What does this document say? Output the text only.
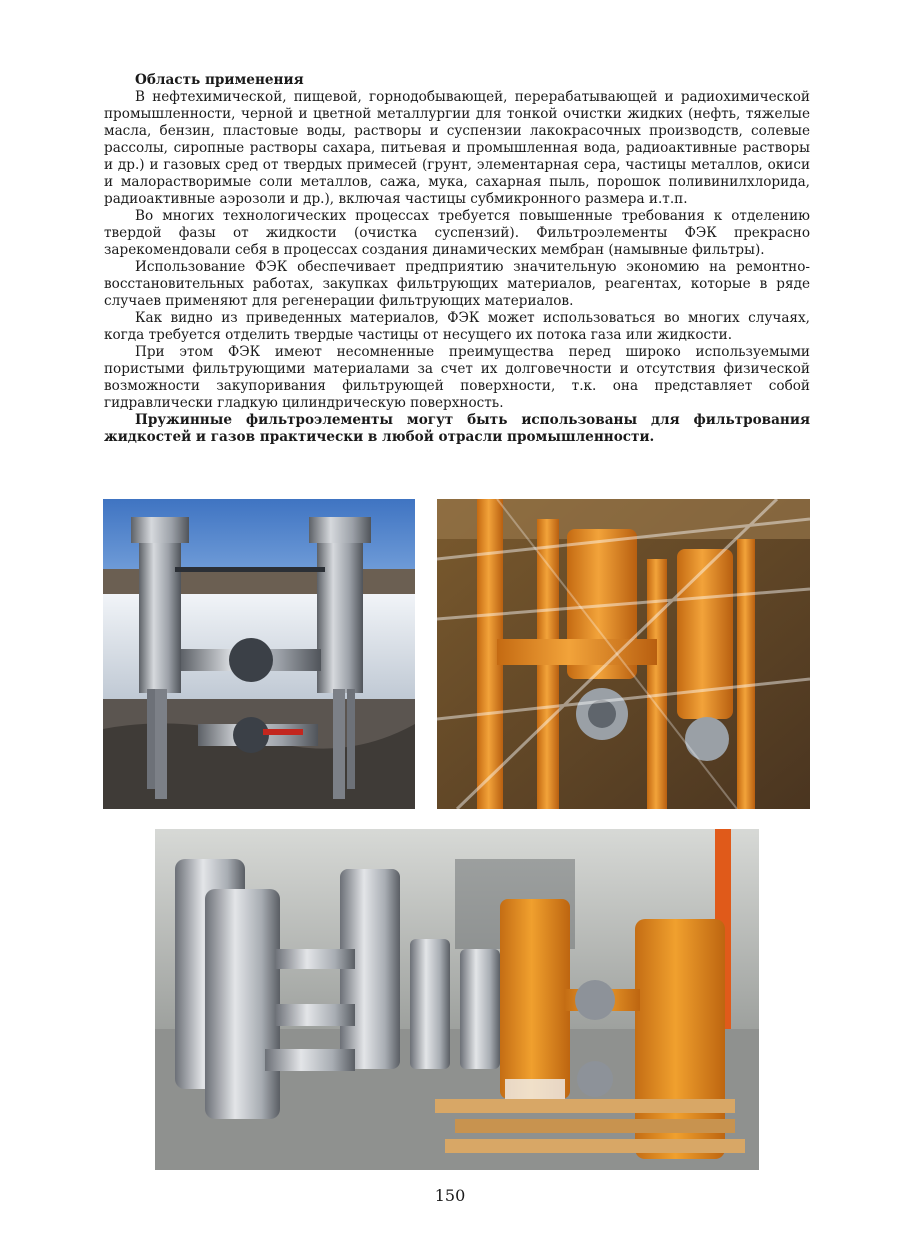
Область применения

В нефтехимической, пищевой, горнодобывающей, перерабатывающей и радиохимической промышленности, черной и цветной металлургии для тонкой очистки жидких (нефть, тяжелые масла, бензин, пластовые воды, растворы и суспензии лакокрасочных производств, солевые рассолы, сиропные растворы сахара, питьевая и промышленная вода, радиоактивные растворы и др.) и газовых сред от твердых примесей (грунт, элементарная сера, частицы металлов, окиси и малорастворимые соли металлов, сажа, мука, сахарная пыль, порошок поливинилхлорида, радиоактивные аэрозоли и др.), включая частицы субмикронного размера и.т.п.

Во многих технологических процессах требуется повышенные требования к отделению твердой фазы от жидкости (очистка суспензий). Фильтроэлементы ФЭК прекрасно зарекомендовали себя в процессах создания динамических мембран (намывные фильтры).

Использование ФЭК обеспечивает предприятию значительную экономию на ремонтно-восстановительных работах, закупках фильтрующих материалов, реагентах, которые в ряде случаев применяют для регенерации фильтрующих материалов.

Как видно из приведенных материалов, ФЭК может использоваться во многих случаях, когда требуется отделить твердые частицы от несущего их потока газа или жидкости.

При этом ФЭК имеют несомненные преимущества перед широко используемыми пористыми фильтрующими материалами за счет их долговечности и отсутствия физической возможности закупоривания фильтрующей поверхности, т.к. она представляет собой гидравлически гладкую цилиндрическую поверхность.

Пружинные фильтроэлементы могут быть использованы для фильтрования жидкостей и газов практически в любой отрасли промышленности.

150
